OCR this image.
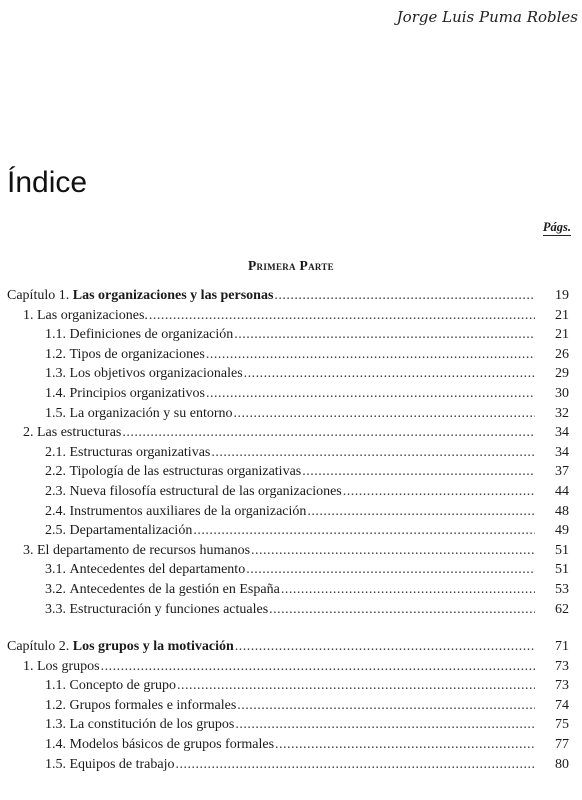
Jorge Luis Puma Robles
Índice
Págs.
Primera Parte
Capítulo 1. Las organizaciones y las personas .....	19
1. Las organizaciones. .....	21
1.1. Definiciones de organización .....	21
1.2. Tipos de organizaciones .....	26
1.3. Los objetivos organizacionales .....	29
1.4. Principios organizativos .....	30
1.5. La organización y su entorno .....	32
2. Las estructuras .....	34
2.1. Estructuras organizativas .....	34
2.2. Tipología de las estructuras organizativas .....	37
2.3. Nueva filosofía estructural de las organizaciones .....	44
2.4. Instrumentos auxiliares de la organización .....	48
2.5. Departamentalización .....	49
3. El departamento de recursos humanos .....	51
3.1. Antecedentes del departamento .....	51
3.2. Antecedentes de la gestión en España .....	53
3.3. Estructuración y funciones actuales .....	62
Capítulo 2. Los grupos y la motivación .....	71
1. Los grupos .....	73
1.1. Concepto de grupo .....	73
1.2. Grupos formales e informales .....	74
1.3. La constitución de los grupos .....	75
1.4. Modelos básicos de grupos formales .....	77
1.5. Equipos de trabajo .....	80
